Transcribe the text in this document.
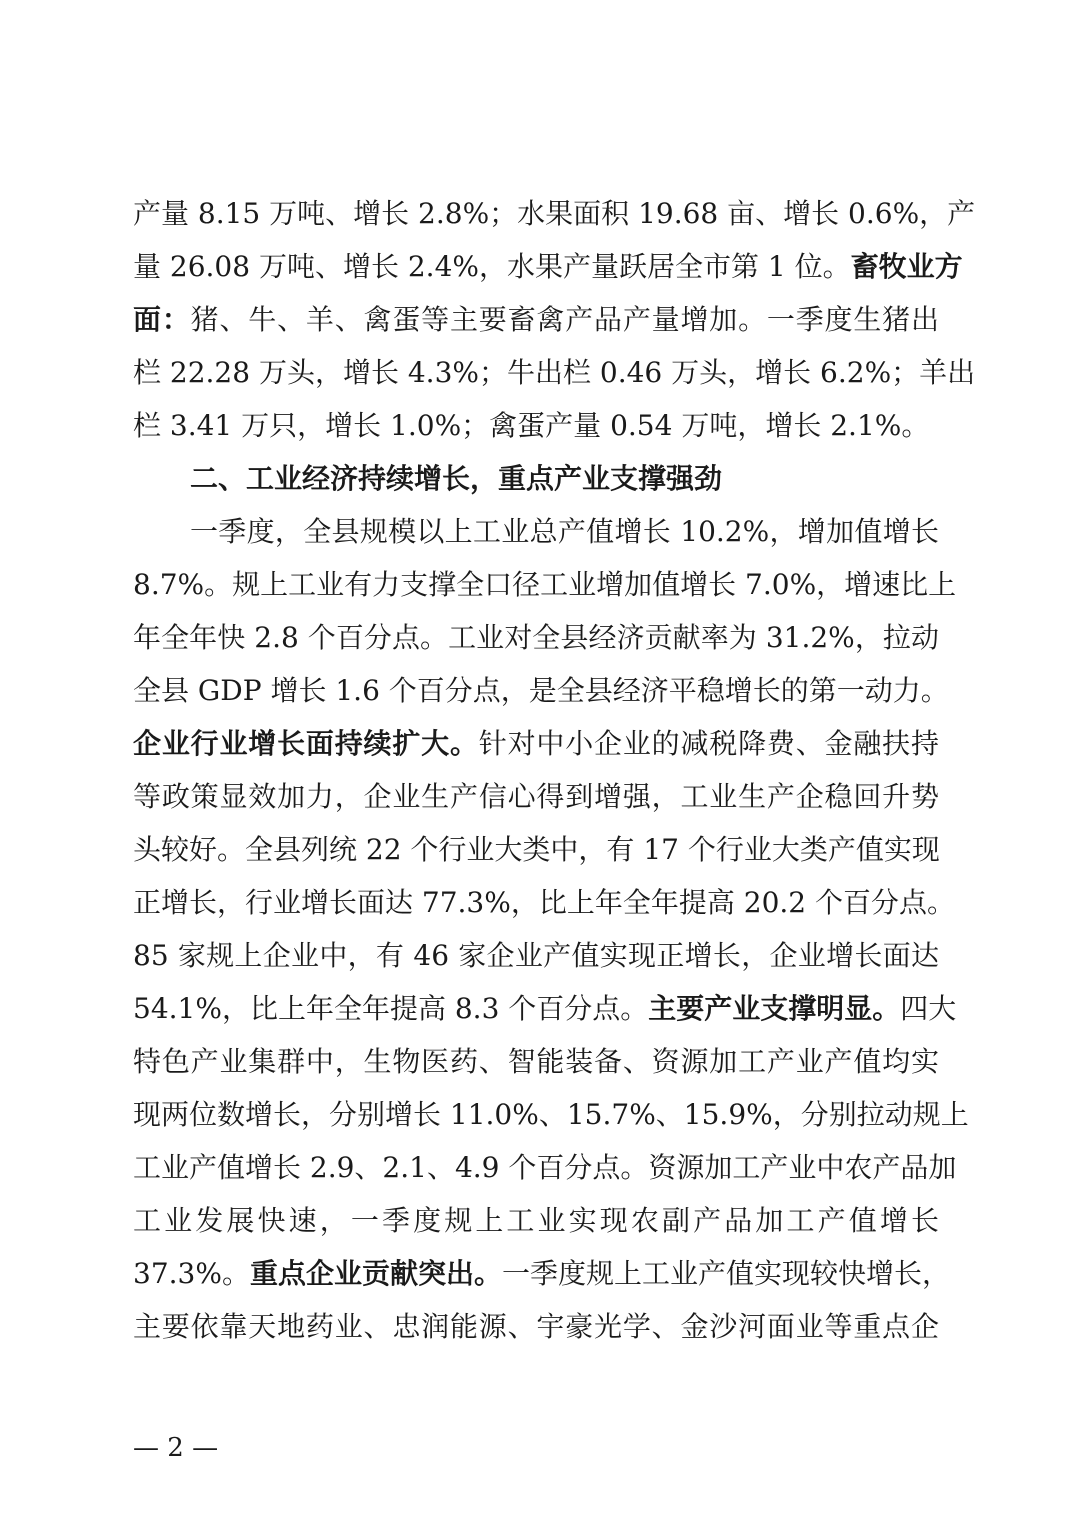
产量 8.15 万吨、增长 2.8%；水果面积 19.68 亩、增长 0.6%，产
量 26.08 万吨、增长 2.4%，水果产量跃居全市第 1 位。畜牧业方
面：猪、牛、羊、禽蛋等主要畜禽产品产量增加。一季度生猪出
栏 22.28 万头，增长 4.3%；牛出栏 0.46 万头，增长 6.2%；羊出
栏 3.41 万只，增长 1.0%；禽蛋产量 0.54 万吨，增长 2.1%。
二、工业经济持续增长，重点产业支撑强劲
一季度，全县规模以上工业总产值增长 10.2%，增加值增长
8.7%。规上工业有力支撑全口径工业增加值增长 7.0%，增速比上
年全年快 2.8 个百分点。工业对全县经济贡献率为 31.2%，拉动
全县 GDP 增长 1.6 个百分点，是全县经济平稳增长的第一动力。
企业行业增长面持续扩大。针对中小企业的减税降费、金融扶持
等政策显效加力，企业生产信心得到增强，工业生产企稳回升势
头较好。全县列统 22 个行业大类中，有 17 个行业大类产值实现
正增长，行业增长面达 77.3%，比上年全年提高 20.2 个百分点。
85 家规上企业中，有 46 家企业产值实现正增长，企业增长面达
54.1%，比上年全年提高 8.3 个百分点。主要产业支撑明显。四大
特色产业集群中，生物医药、智能装备、资源加工产业产值均实
现两位数增长，分别增长 11.0%、15.7%、15.9%，分别拉动规上
工业产值增长 2.9、2.1、4.9 个百分点。资源加工产业中农产品加
工业发展快速，一季度规上工业实现农副产品加工产值增长
37.3%。重点企业贡献突出。一季度规上工业产值实现较快增长，
主要依靠天地药业、忠润能源、宇豪光学、金沙河面业等重点企
— 2 —
